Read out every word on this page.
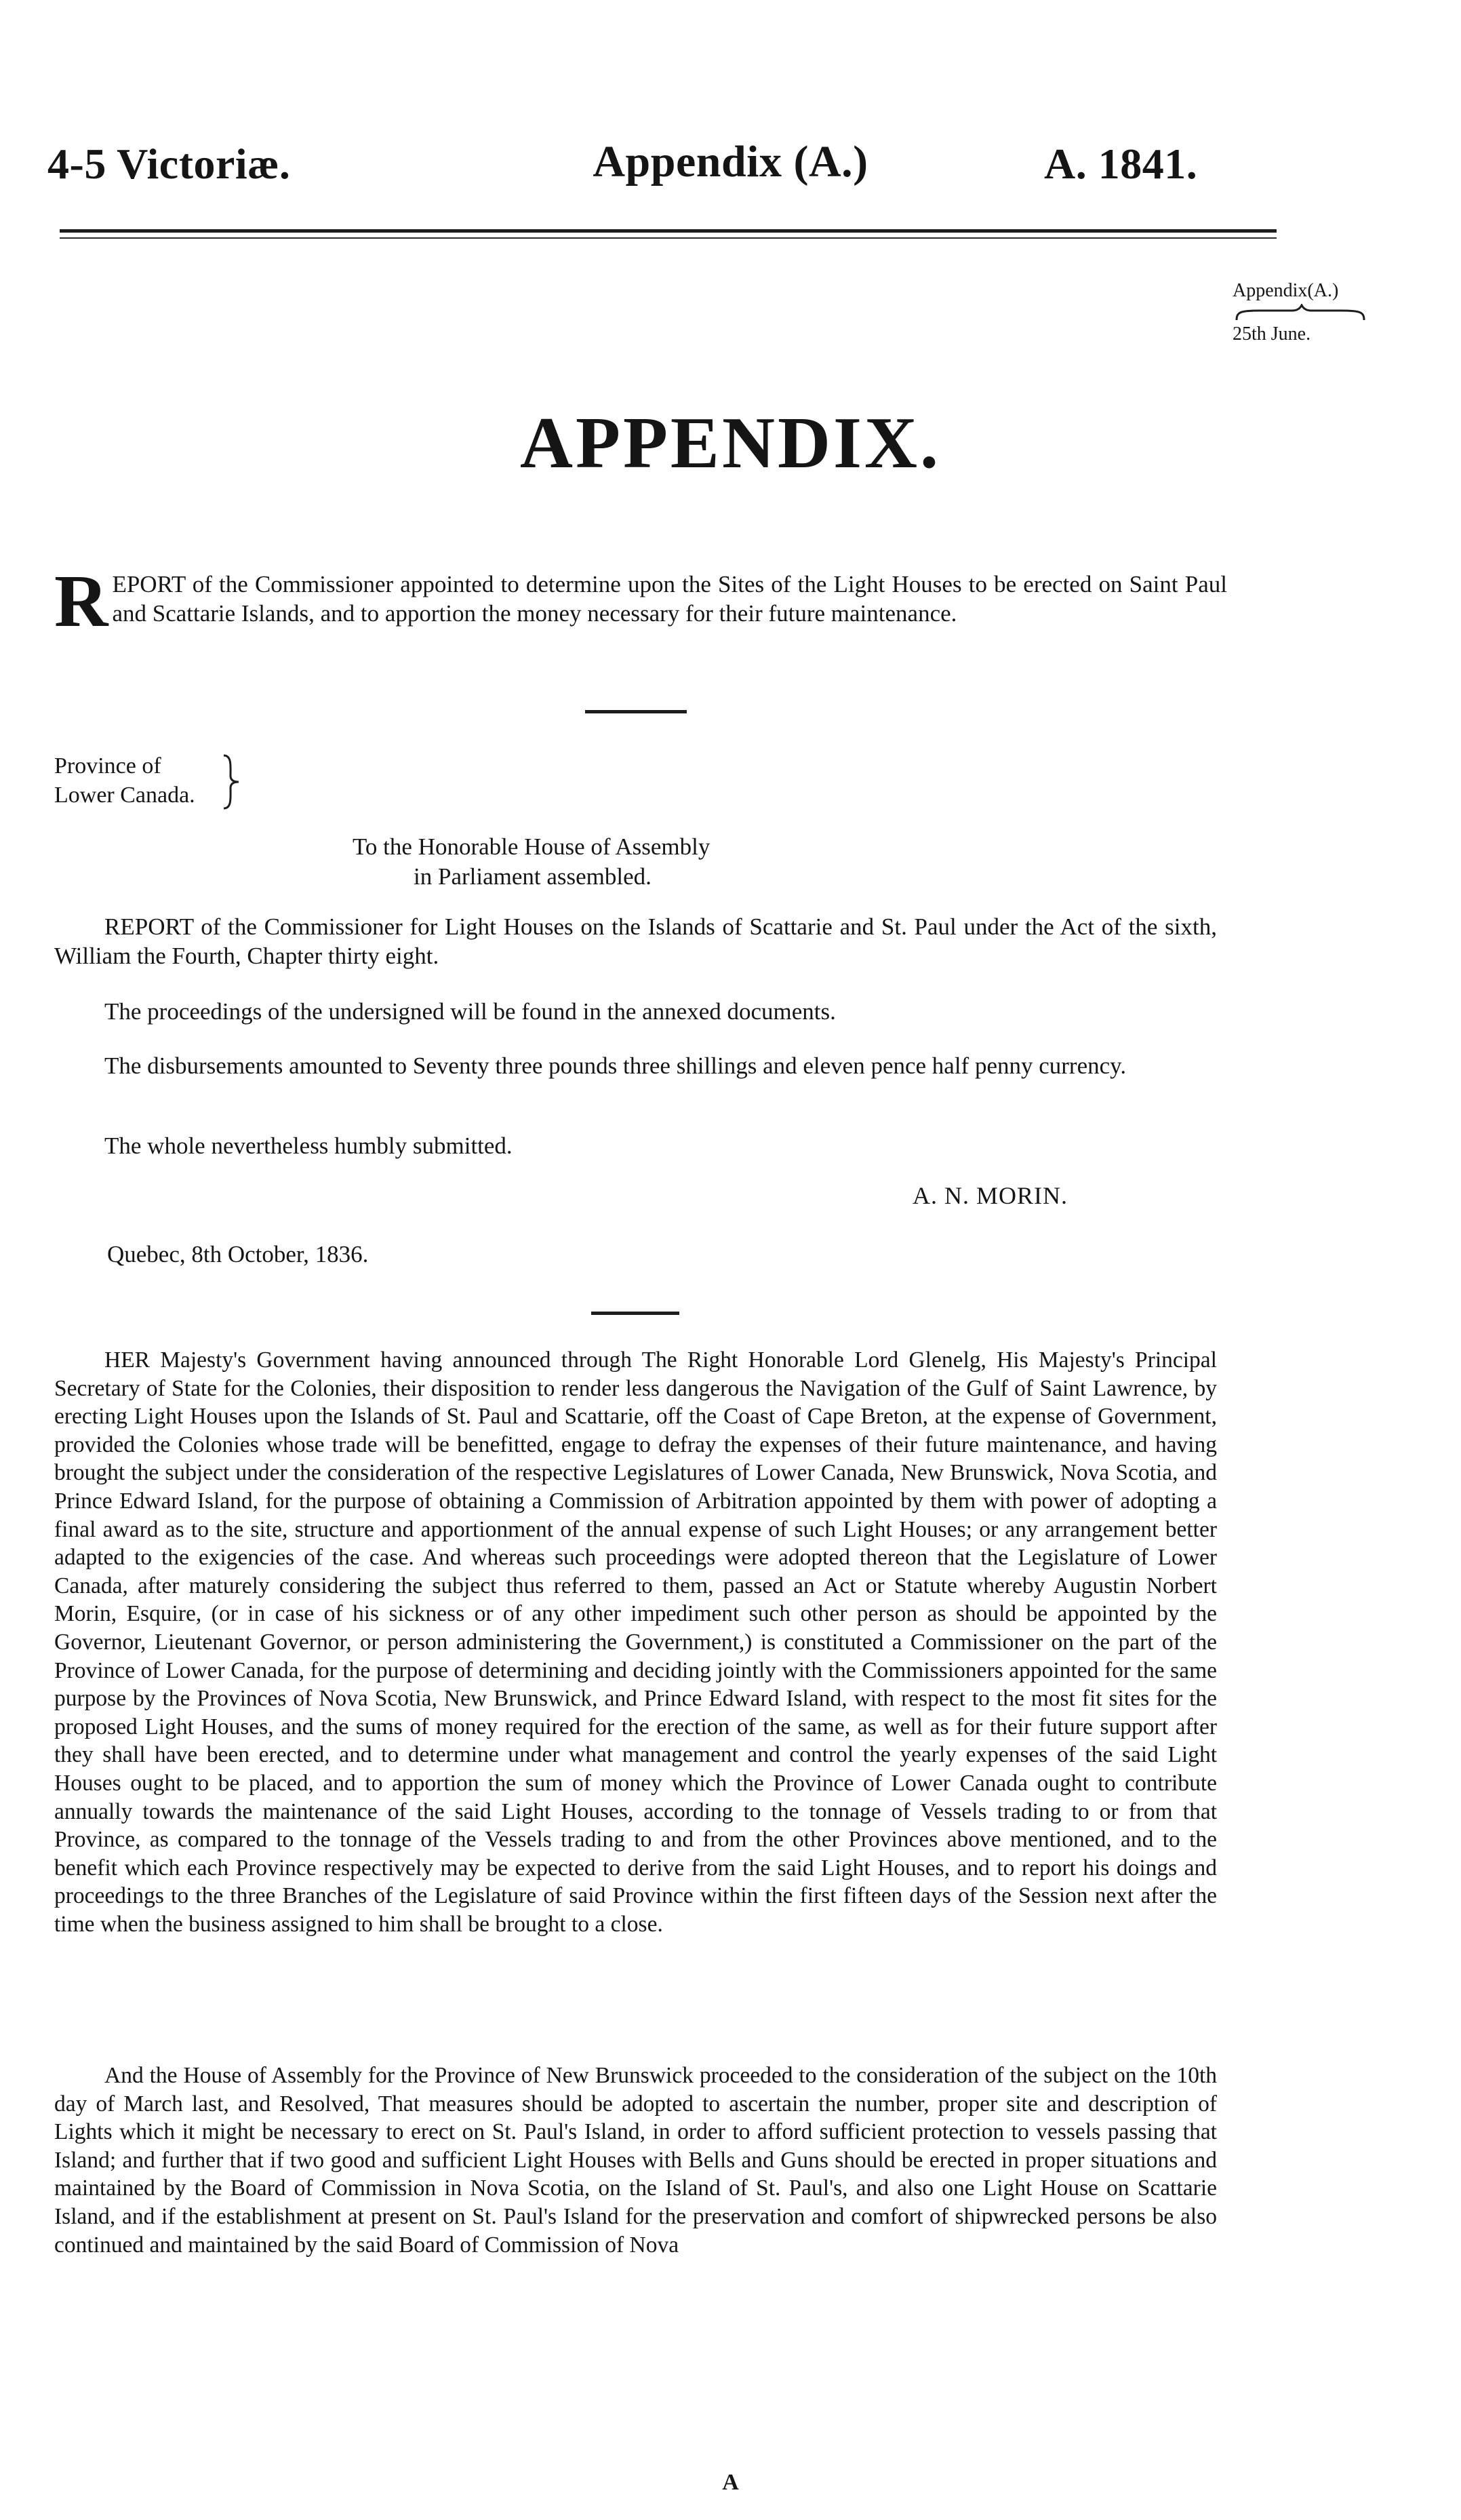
4-5 Victoriæ.	Appendix (A.)	A. 1841.
Appendix(A.)
25th June.
APPENDIX.
R EPORT of the Commissioner appointed to determine upon the Sites of the Light Houses to be erected on Saint Paul and Scattarie Islands, and to apportion the money necessary for their future maintenance.
Province of
Lower Canada.
To the Honorable House of Assembly
in Parliament assembled.
REPORT of the Commissioner for Light Houses on the Islands of Scattarie and St. Paul under the Act of the sixth, William the Fourth, Chapter thirty eight.
The proceedings of the undersigned will be found in the annexed documents.
The disbursements amounted to Seventy three pounds three shillings and eleven pence half penny currency.
The whole nevertheless humbly submitted.
A. N. MORIN.
Quebec, 8th October, 1836.
HER Majesty's Government having announced through The Right Honorable Lord Glenelg, His Majesty's Principal Secretary of State for the Colonies, their disposition to render less dangerous the Navigation of the Gulf of Saint Lawrence, by erecting Light Houses upon the Islands of St. Paul and Scattarie, off the Coast of Cape Breton, at the expense of Government, provided the Colonies whose trade will be benefitted, engage to defray the expenses of their future maintenance, and having brought the subject under the consideration of the respective Legislatures of Lower Canada, New Brunswick, Nova Scotia, and Prince Edward Island, for the purpose of obtaining a Commission of Arbitration appointed by them with power of adopting a final award as to the site, structure and apportionment of the annual expense of such Light Houses; or any arrangement better adapted to the exigencies of the case. And whereas such proceedings were adopted thereon that the Legislature of Lower Canada, after maturely considering the subject thus referred to them, passed an Act or Statute whereby Augustin Norbert Morin, Esquire, (or in case of his sickness or of any other impediment such other person as should be appointed by the Governor, Lieutenant Governor, or person administering the Government,) is constituted a Commissioner on the part of the Province of Lower Canada, for the purpose of determining and deciding jointly with the Commissioners appointed for the same purpose by the Provinces of Nova Scotia, New Brunswick, and Prince Edward Island, with respect to the most fit sites for the proposed Light Houses, and the sums of money required for the erection of the same, as well as for their future support after they shall have been erected, and to determine under what management and control the yearly expenses of the said Light Houses ought to be placed, and to apportion the sum of money which the Province of Lower Canada ought to contribute annually towards the maintenance of the said Light Houses, according to the tonnage of Vessels trading to or from that Province, as compared to the tonnage of the Vessels trading to and from the other Provinces above mentioned, and to the benefit which each Province respectively may be expected to derive from the said Light Houses, and to report his doings and proceedings to the three Branches of the Legislature of said Province within the first fifteen days of the Session next after the time when the business assigned to him shall be brought to a close.
And the House of Assembly for the Province of New Brunswick proceeded to the consideration of the subject on the 10th day of March last, and Resolved, That measures should be adopted to ascertain the number, proper site and description of Lights which it might be necessary to erect on St. Paul's Island, in order to afford sufficient protection to vessels passing that Island; and further that if two good and sufficient Light Houses with Bells and Guns should be erected in proper situations and maintained by the Board of Commission in Nova Scotia, on the Island of St. Paul's, and also one Light House on Scattarie Island, and if the establishment at present on St. Paul's Island for the preservation and comfort of shipwrecked persons be also continued and maintained by the said Board of Commission of Nova
A
